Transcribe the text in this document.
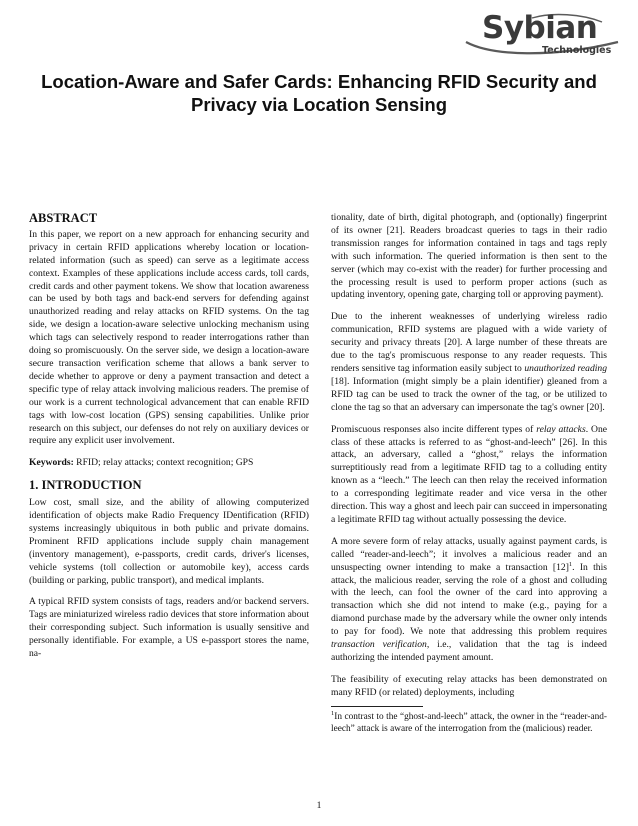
Sybian
Technologies
Location-Aware and Safer Cards: Enhancing RFID Security and Privacy via Location Sensing
ABSTRACT

In this paper, we report on a new approach for enhancing security and privacy in certain RFID applications whereby location or location-related information (such as speed) can serve as a legitimate access context. Examples of these applications include access cards, toll cards, credit cards and other payment tokens. We show that location awareness can be used by both tags and back-end servers for defending against unauthorized reading and relay attacks on RFID systems. On the tag side, we design a location-aware selective unlocking mechanism using which tags can selectively respond to reader interrogations rather than doing so promiscuously. On the server side, we design a location-aware secure transaction verification scheme that allows a bank server to decide whether to approve or deny a payment transaction and detect a specific type of relay attack involving malicious readers. The premise of our work is a current technological advancement that can enable RFID tags with low-cost location (GPS) sensing capabilities. Unlike prior research on this subject, our defenses do not rely on auxiliary devices or require any explicit user involvement.

Keywords: RFID; relay attacks; context recognition; GPS

1. INTRODUCTION

Low cost, small size, and the ability of allowing computerized identification of objects make Radio Frequency IDentification (RFID) systems increasingly ubiquitous in both public and private domains. Prominent RFID applications include supply chain management (inventory management), e-passports, credit cards, driver's licenses, vehicle systems (toll collection or automobile key), access cards (building or parking, public transport), and medical implants.

A typical RFID system consists of tags, readers and/or backend servers. Tags are miniaturized wireless radio devices that store information about their corresponding subject. Such information is usually sensitive and personally identifiable. For example, a US e-passport stores the name, na-

tionality, date of birth, digital photograph, and (optionally) fingerprint of its owner [21]. Readers broadcast queries to tags in their radio transmission ranges for information contained in tags and tags reply with such information. The queried information is then sent to the server (which may co-exist with the reader) for further processing and the processing result is used to perform proper actions (such as updating inventory, opening gate, charging toll or approving payment).

Due to the inherent weaknesses of underlying wireless radio communication, RFID systems are plagued with a wide variety of security and privacy threats [20]. A large number of these threats are due to the tag's promiscuous response to any reader requests. This renders sensitive tag information easily subject to unauthorized reading [18]. Information (might simply be a plain identifier) gleaned from a RFID tag can be used to track the owner of the tag, or be utilized to clone the tag so that an adversary can impersonate the tag's owner [20].

Promiscuous responses also incite different types of relay attacks. One class of these attacks is referred to as “ghost-and-leech” [26]. In this attack, an adversary, called a “ghost,” relays the information surreptitiously read from a legitimate RFID tag to a colluding entity known as a “leech.” The leech can then relay the received information to a corresponding legitimate reader and vice versa in the other direction. This way a ghost and leech pair can succeed in impersonating a legitimate RFID tag without actually possessing the device.

A more severe form of relay attacks, usually against payment cards, is called “reader-and-leech”; it involves a malicious reader and an unsuspecting owner intending to make a transaction $[12]^1$. In this attack, the malicious reader, serving the role of a ghost and colluding with the leech, can fool the owner of the card into approving a transaction which she did not intend to make (e.g., paying for a diamond purchase made by the adversary while the owner only intends to pay for food). We note that addressing this problem requires transaction verification, i.e., validation that the tag is indeed authorizing the intended payment amount.

The feasibility of executing relay attacks has been demonstrated on many RFID (or related) deployments, including

$^1$In contrast to the “ghost-and-leech” attack, the owner in the “reader-and-leech” attack is aware of the interrogation from the (malicious) reader.
1
